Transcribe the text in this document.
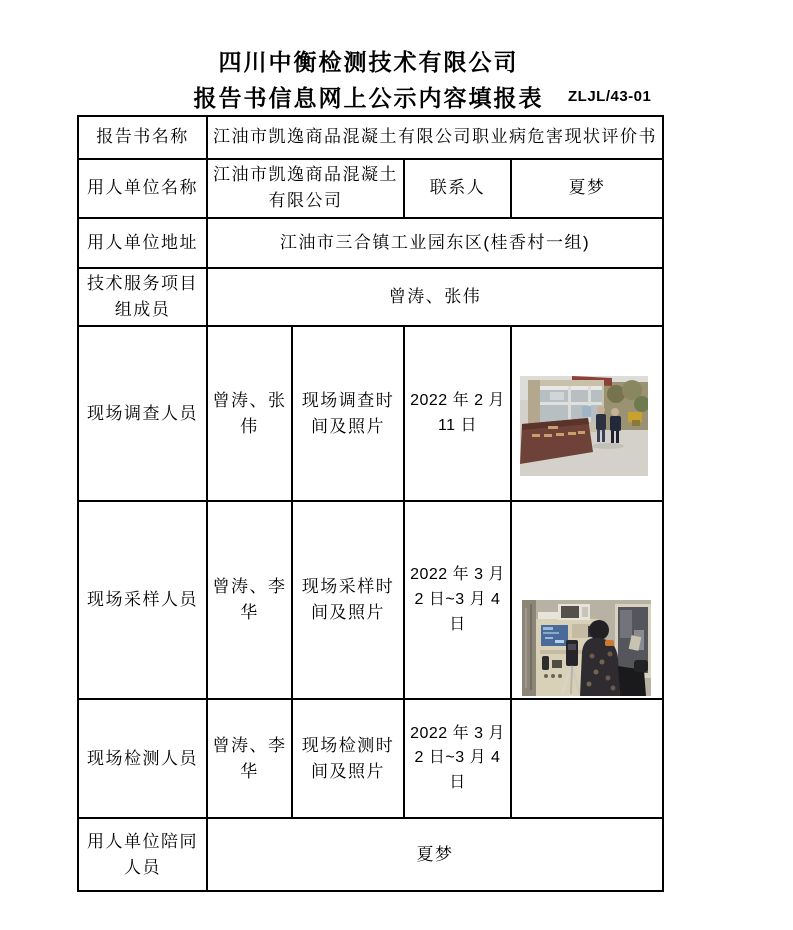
四川中衡检测技术有限公司
报告书信息网上公示内容填报表	ZLJL/43-01
报告书名称	江油市凯逸商品混凝土有限公司职业病危害现状评价书			
用人单位名称	江油市凯逸商品混凝土有限公司		联系人	夏梦
用人单位地址	江油市三合镇工业园东区(桂香村一组)			
技术服务项目组成员	曾涛、张伟			
现场调查人员	曾涛、张伟	现场调查时间及照片	2022 年 2 月 11 日	

现场采样人员	曾涛、李华	现场采样时间及照片	2022 年 3 月 2 日~3 月 4 日	

现场检测人员	曾涛、李华	现场检测时间及照片	2022 年 3 月 2 日~3 月 4 日	
用人单位陪同人员	夏梦			
